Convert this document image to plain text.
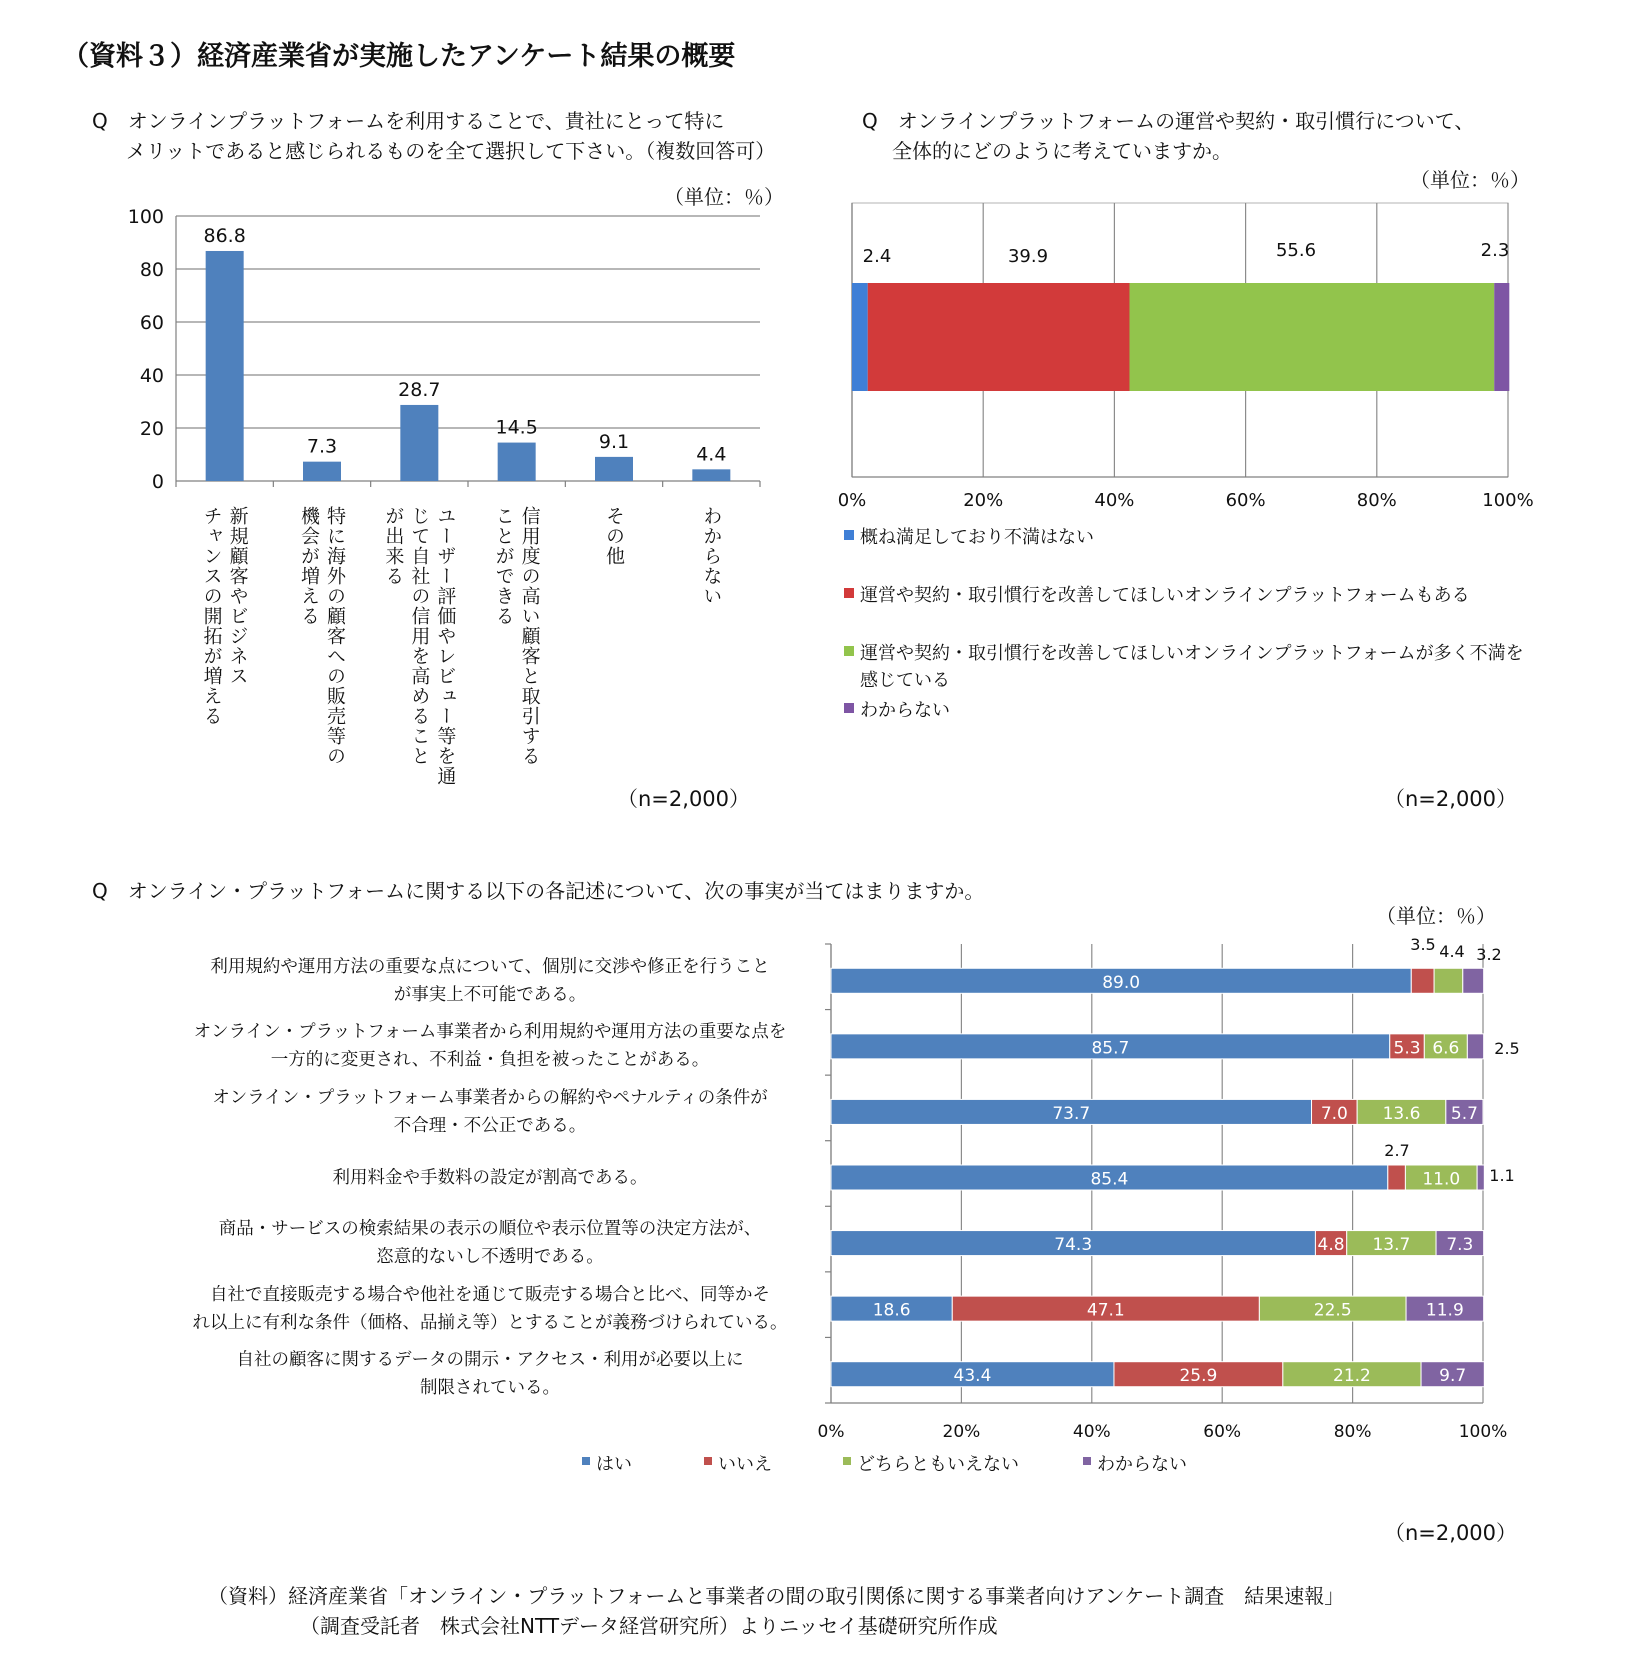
（資料３）経済産業省が実施したアンケート結果の概要
Q　オンラインプラットフォームを利用することで、貴社にとって特に
メリットであると感じられるものを全て選択して下さい。（複数回答可）
（単位：％）
0
20
40
60
80
100
86.8
7.3
28.7
14.5
9.1
4.4
0%	20%	40%	60%	80%	100%
2.4	39.9	55.6	2.3
0%	20%	40%	60%	80%	100%
89.0
3.5 4.4 3.2
85.7	5.3 6.6 2.5
73.7	7.0 13.6 5.7
85.4
2.7
11.0 1.1
74.3	4.8 13.7 7.3
18.6	47.1	22.5	11.9
43.4	25.9	21.2	9.7
新規顧客やビジネス
チャンスの開拓が増える	特に海外の顧客への販売等の
機会が増える	ユーザー評価やレビュー等を通
じて自社の信用を高めること
が出来る	信用度の高い顧客と取引する
ことができる	その他	わからない
（n=2,000）
Q　オンラインプラットフォームの運営や契約・取引慣行について、
全体的にどのように考えていますか。
（単位：％）
概ね満足しており不満はない
運営や契約・取引慣行を改善してほしいオンラインプラットフォームもある
運営や契約・取引慣行を改善してほしいオンラインプラットフォームが多く不満を
感じている
わからない
（n=2,000）
Q　オンライン・プラットフォームに関する以下の各記述について、次の事実が当てはまりますか。
（単位：％）
利用規約や運用方法の重要な点について、個別に交渉や修正を行うこと
が事実上不可能である。
オンライン・プラットフォーム事業者から利用規約や運用方法の重要な点を
一方的に変更され、不利益・負担を被ったことがある。
オンライン・プラットフォーム事業者からの解約やペナルティの条件が
不合理・不公正である。
利用料金や手数料の設定が割高である。
商品・サービスの検索結果の表示の順位や表示位置等の決定方法が、
恣意的ないし不透明である。
自社で直接販売する場合や他社を通じて販売する場合と比べ、同等かそ
れ以上に有利な条件（価格、品揃え等）とすることが義務づけられている。
自社の顧客に関するデータの開示・アクセス・利用が必要以上に
制限されている。
はい	いいえ	どちらともいえない	わからない
（n=2,000）
（資料）経済産業省「オンライン・プラットフォームと事業者の間の取引関係に関する事業者向けアンケート調査　結果速報」
（調査受託者　株式会社NTTデータ経営研究所）よりニッセイ基礎研究所作成
